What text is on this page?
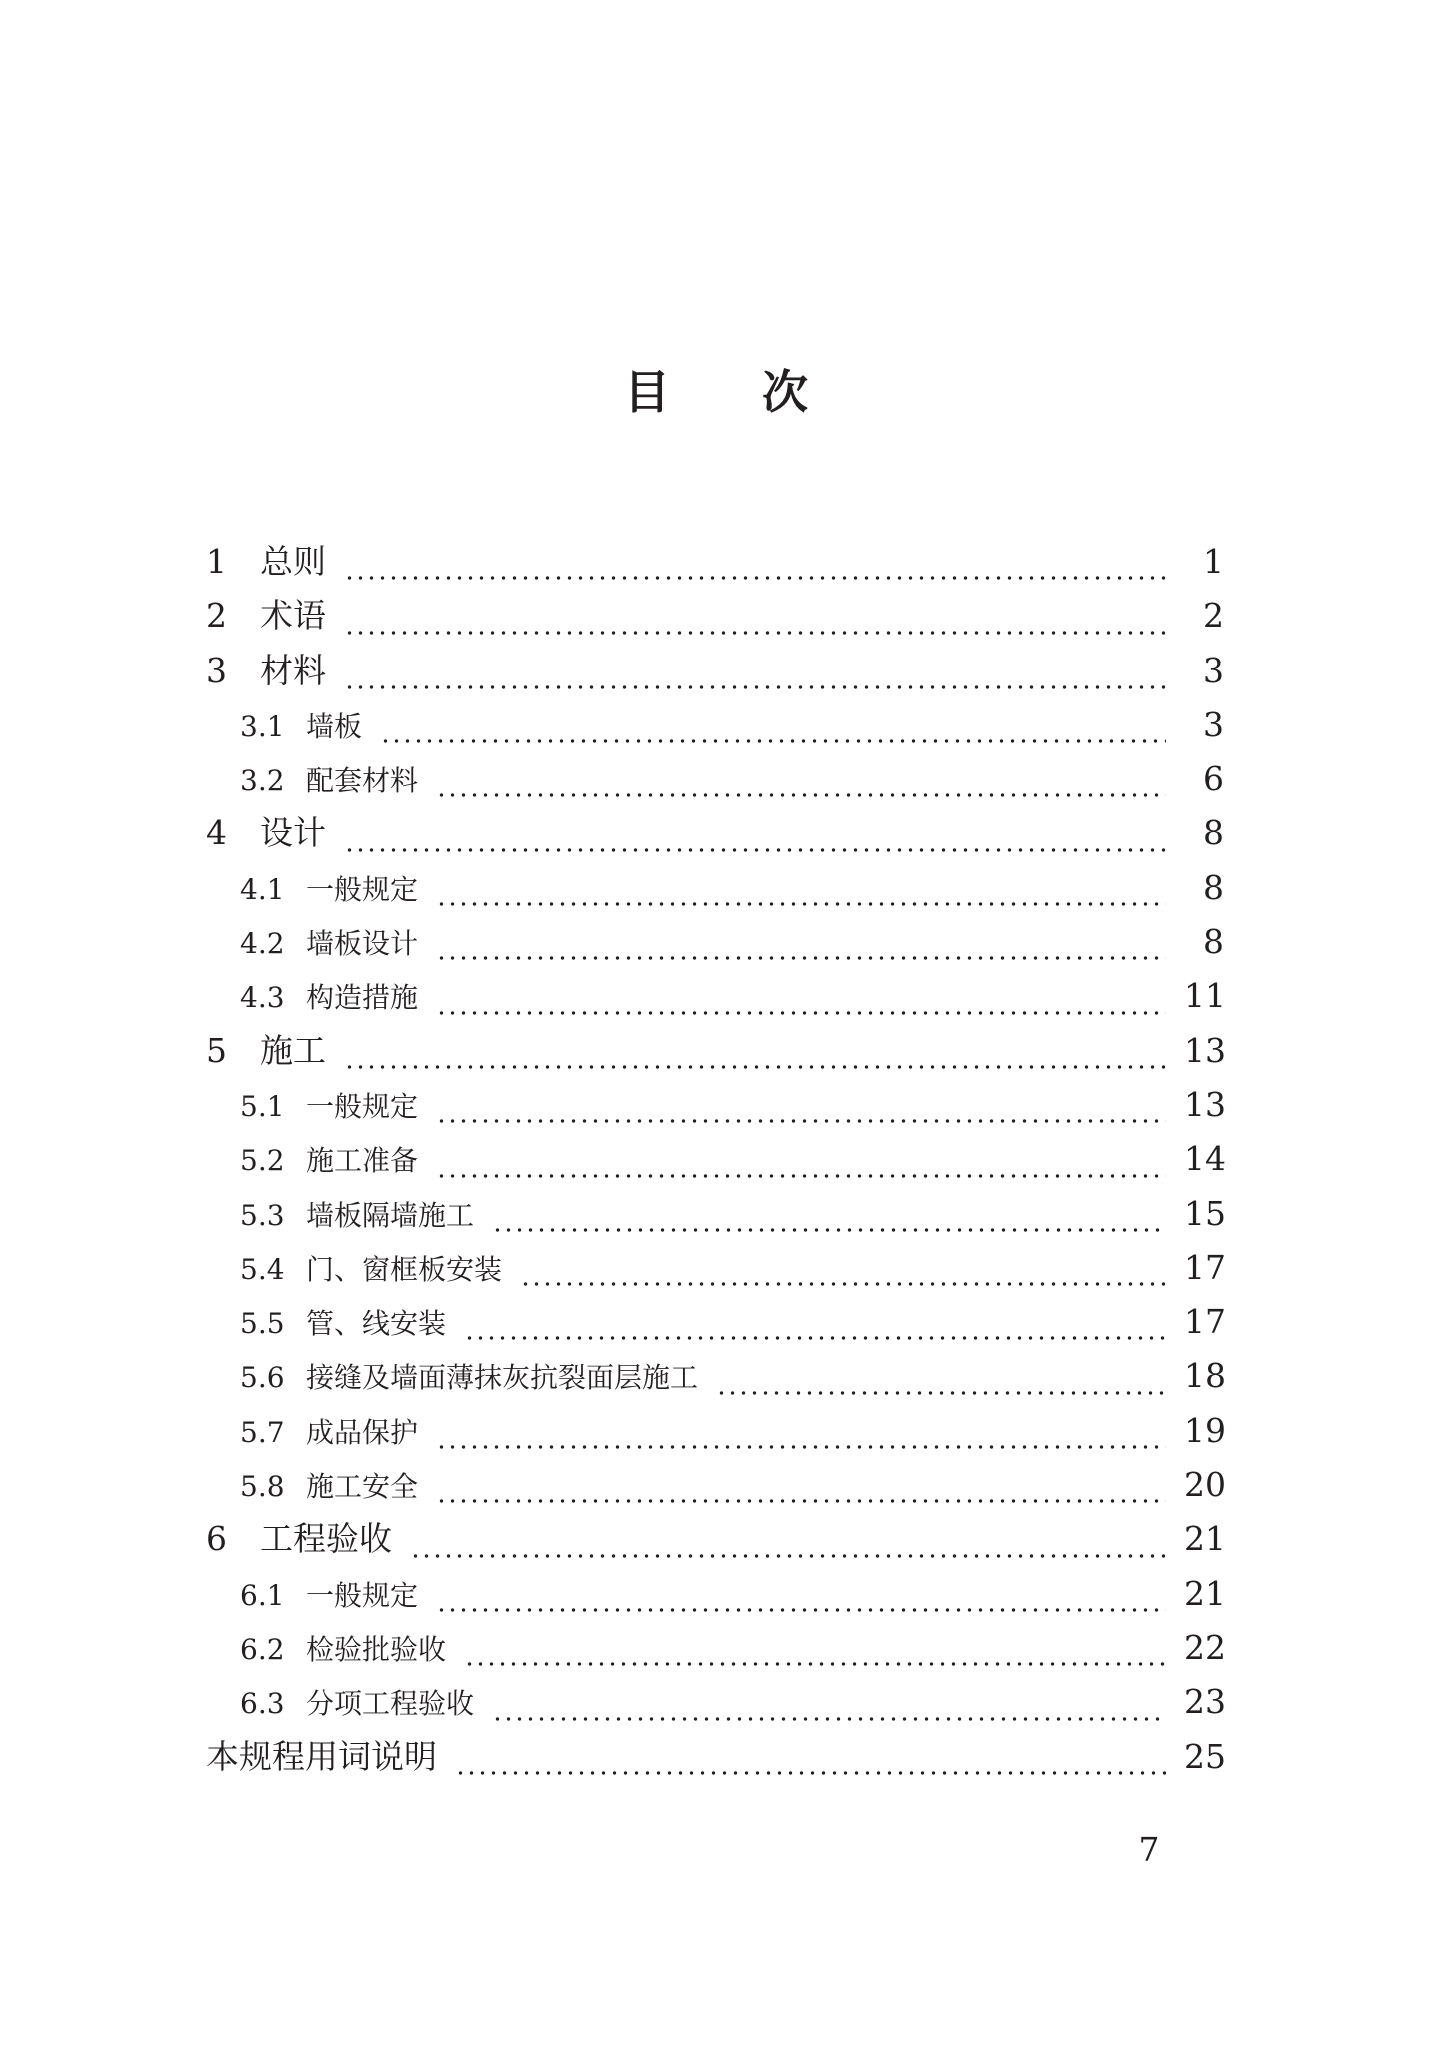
目 次
1	总则	1
2	术语	2
3	材料	3
3.1 墙板	3
3.2 配套材料	6
4	设计	8
4.1 一般规定	8
4.2 墙板设计	8
4.3 构造措施	11
5	施工	13
5.1 一般规定	13
5.2 施工准备	14
5.3 墙板隔墙施工	15
5.4 门、窗框板安装	17
5.5 管、线安装	17
5.6 接缝及墙面薄抹灰抗裂面层施工	18
5.7 成品保护	19
5.8 施工安全	20
6	工程验收	21
6.1 一般规定	21
6.2 检验批验收	22
6.3 分项工程验收	23
本规程用词说明	25
7
